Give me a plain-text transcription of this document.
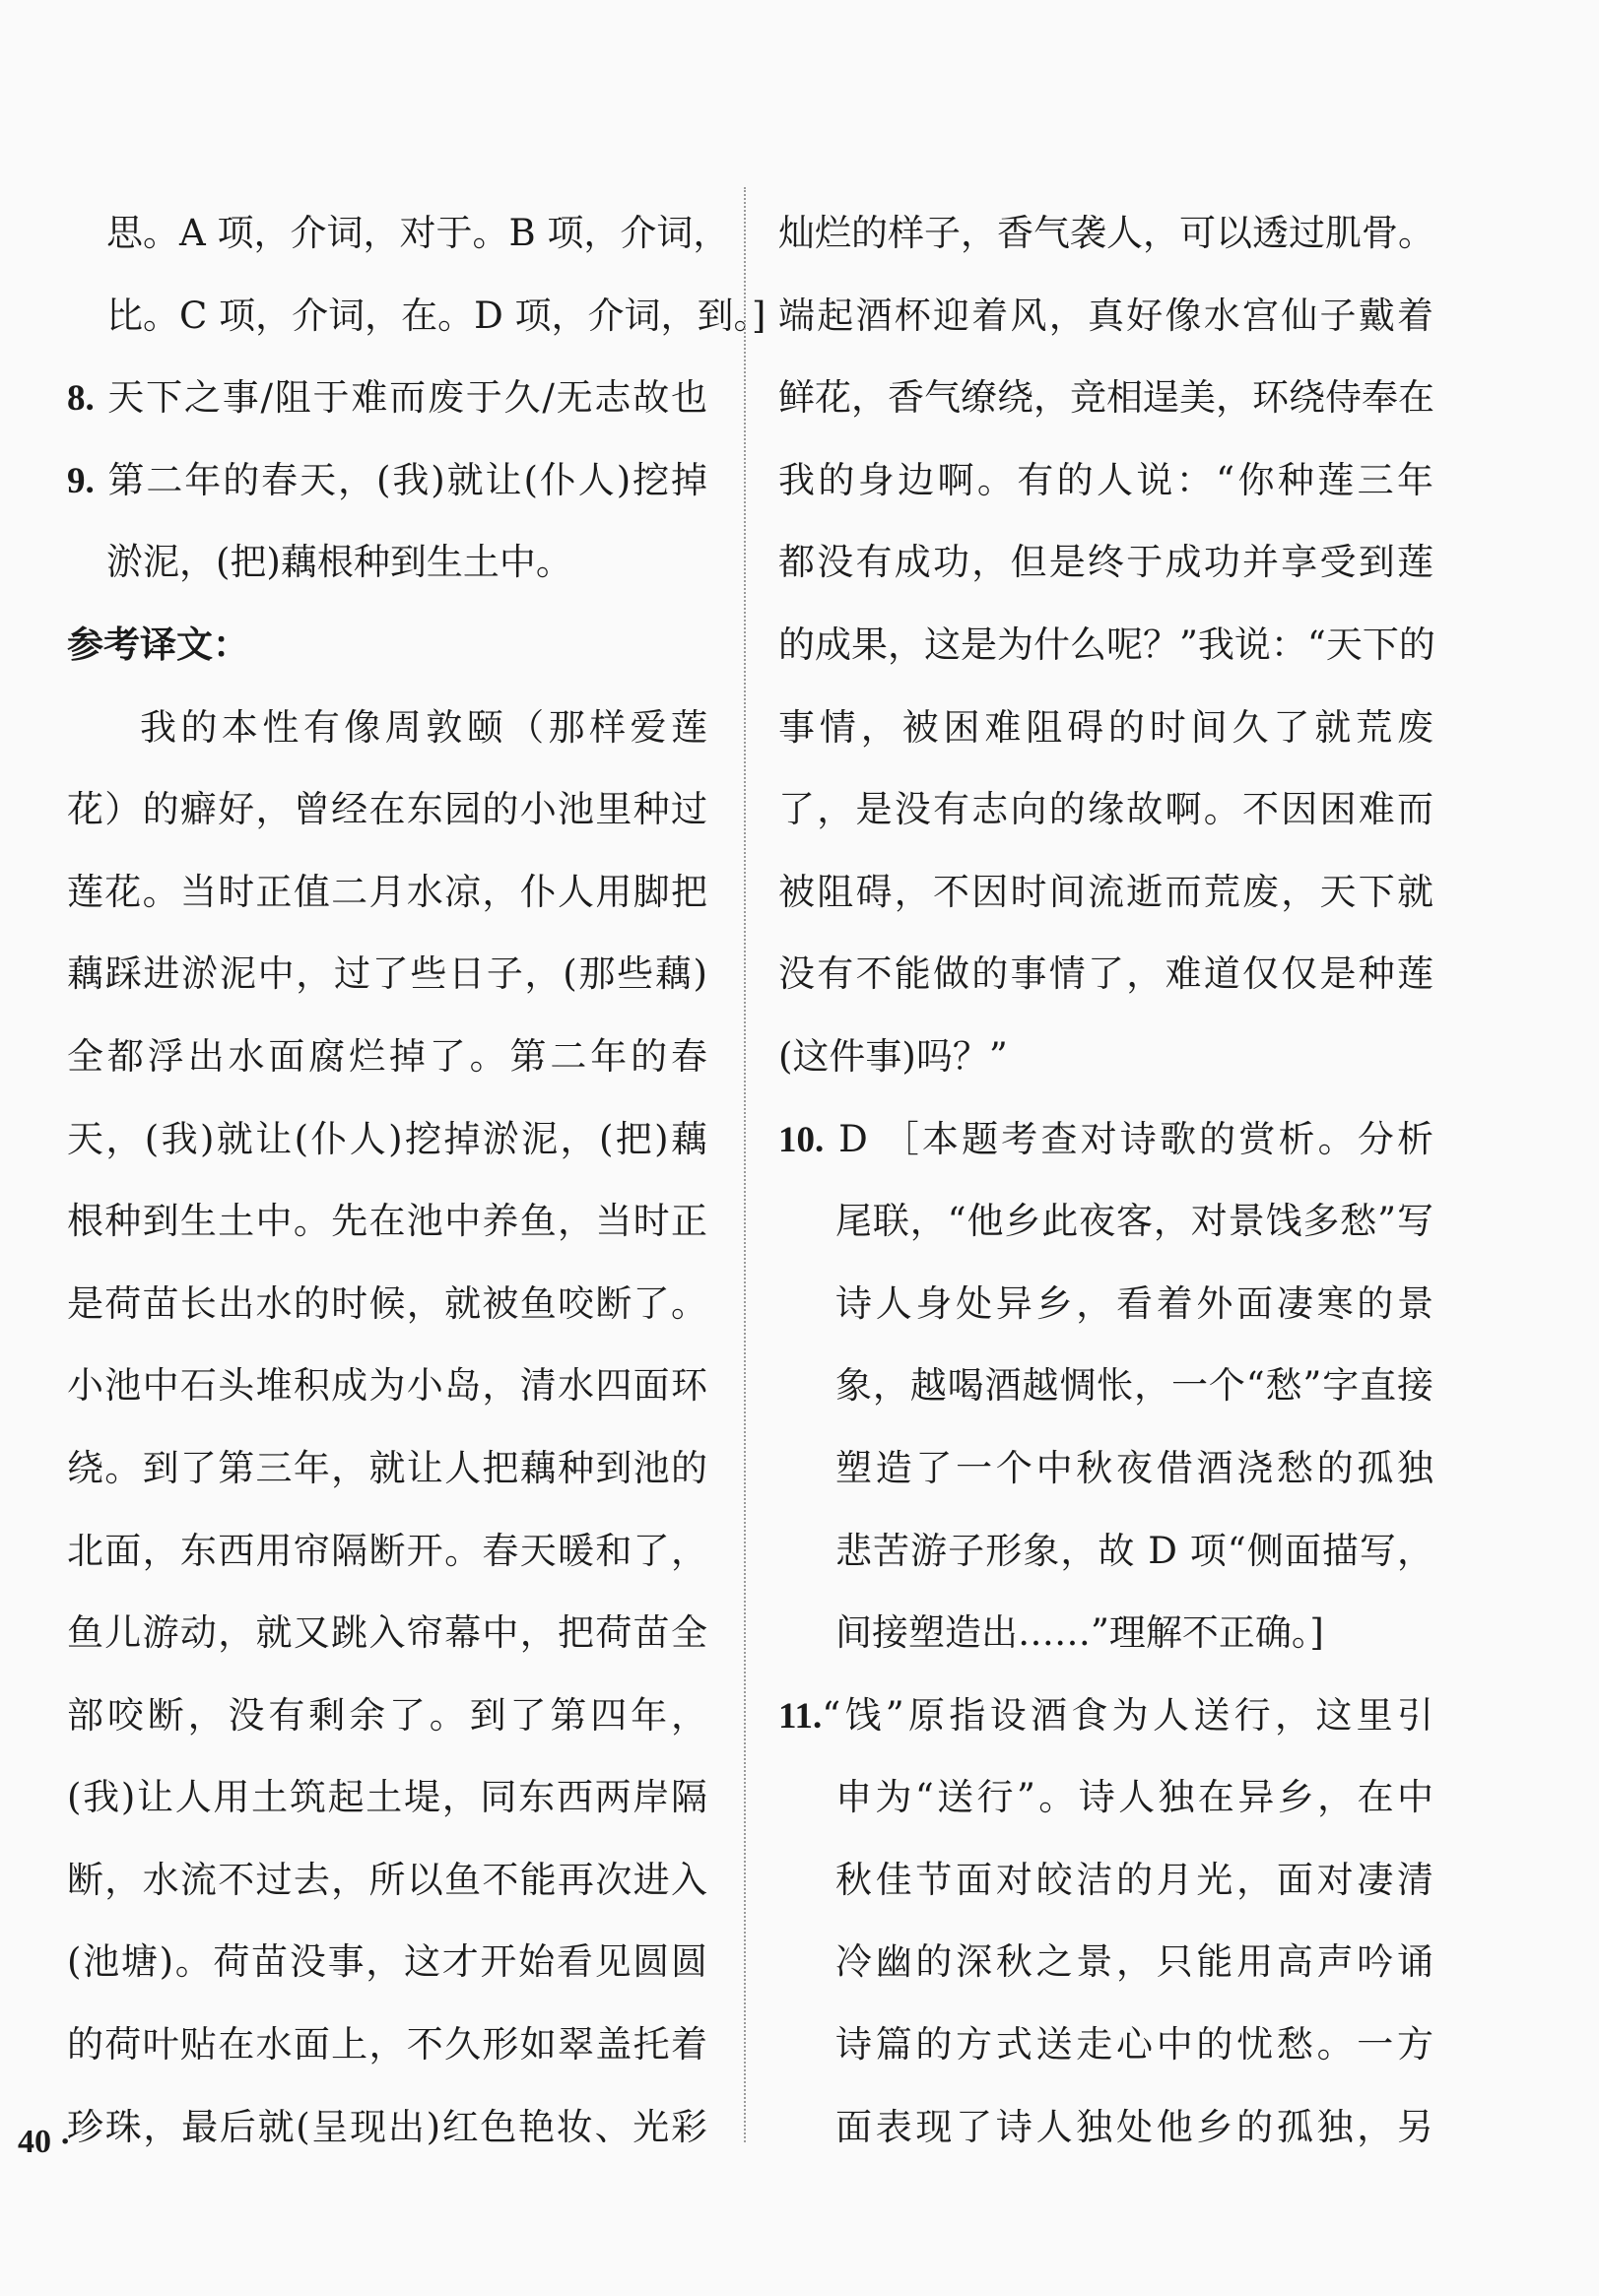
思。A 项，介词，对于。B 项，介词，
比。C 项，介词，在。D 项，介词，到。]
8. 天下之事/阻于难而废于久/无志故也
9. 第二年的春天，(我)就让(仆人)挖掉
淤泥，(把)藕根种到生土中。
参考译文：
我的本性有像周敦颐（那样爱莲
花）的癖好，曾经在东园的小池里种过
莲花。当时正值二月水凉，仆人用脚把
藕踩进淤泥中，过了些日子，(那些藕)
全都浮出水面腐烂掉了。第二年的春
天，(我)就让(仆人)挖掉淤泥，(把)藕
根种到生土中。先在池中养鱼，当时正
是荷苗长出水的时候，就被鱼咬断了。
小池中石头堆积成为小岛，清水四面环
绕。到了第三年，就让人把藕种到池的
北面，东西用帘隔断开。春天暖和了，
鱼儿游动，就又跳入帘幕中，把荷苗全
部咬断，没有剩余了。到了第四年，
(我)让人用土筑起土堤，同东西两岸隔
断，水流不过去，所以鱼不能再次进入
(池塘)。荷苗没事，这才开始看见圆圆
的荷叶贴在水面上，不久形如翠盖托着
珍珠，最后就(呈现出)红色艳妆、光彩
灿烂的样子，香气袭人，可以透过肌骨。
端起酒杯迎着风，真好像水宫仙子戴着
鲜花，香气缭绕，竞相逞美，环绕侍奉在
我的身边啊。有的人说：“你种莲三年
都没有成功，但是终于成功并享受到莲
的成果，这是为什么呢？”我说：“天下的
事情，被困难阻碍的时间久了就荒废
了，是没有志向的缘故啊。不因困难而
被阻碍，不因时间流逝而荒废，天下就
没有不能做的事情了，难道仅仅是种莲
(这件事)吗？”
10. D ［本题考查对诗歌的赏析。分析
尾联，“他乡此夜客，对景饯多愁”写
诗人身处异乡，看着外面凄寒的景
象，越喝酒越惆怅，一个“愁”字直接
塑造了一个中秋夜借酒浇愁的孤独
悲苦游子形象，故 D 项“侧面描写，
间接塑造出……”理解不正确。]
11.“饯”原指设酒食为人送行，这里引
申为“送行”。诗人独在异乡，在中
秋佳节面对皎洁的月光，面对凄清
冷幽的深秋之景，只能用高声吟诵
诗篇的方式送走心中的忧愁。一方
面表现了诗人独处他乡的孤独，另
40 ·
